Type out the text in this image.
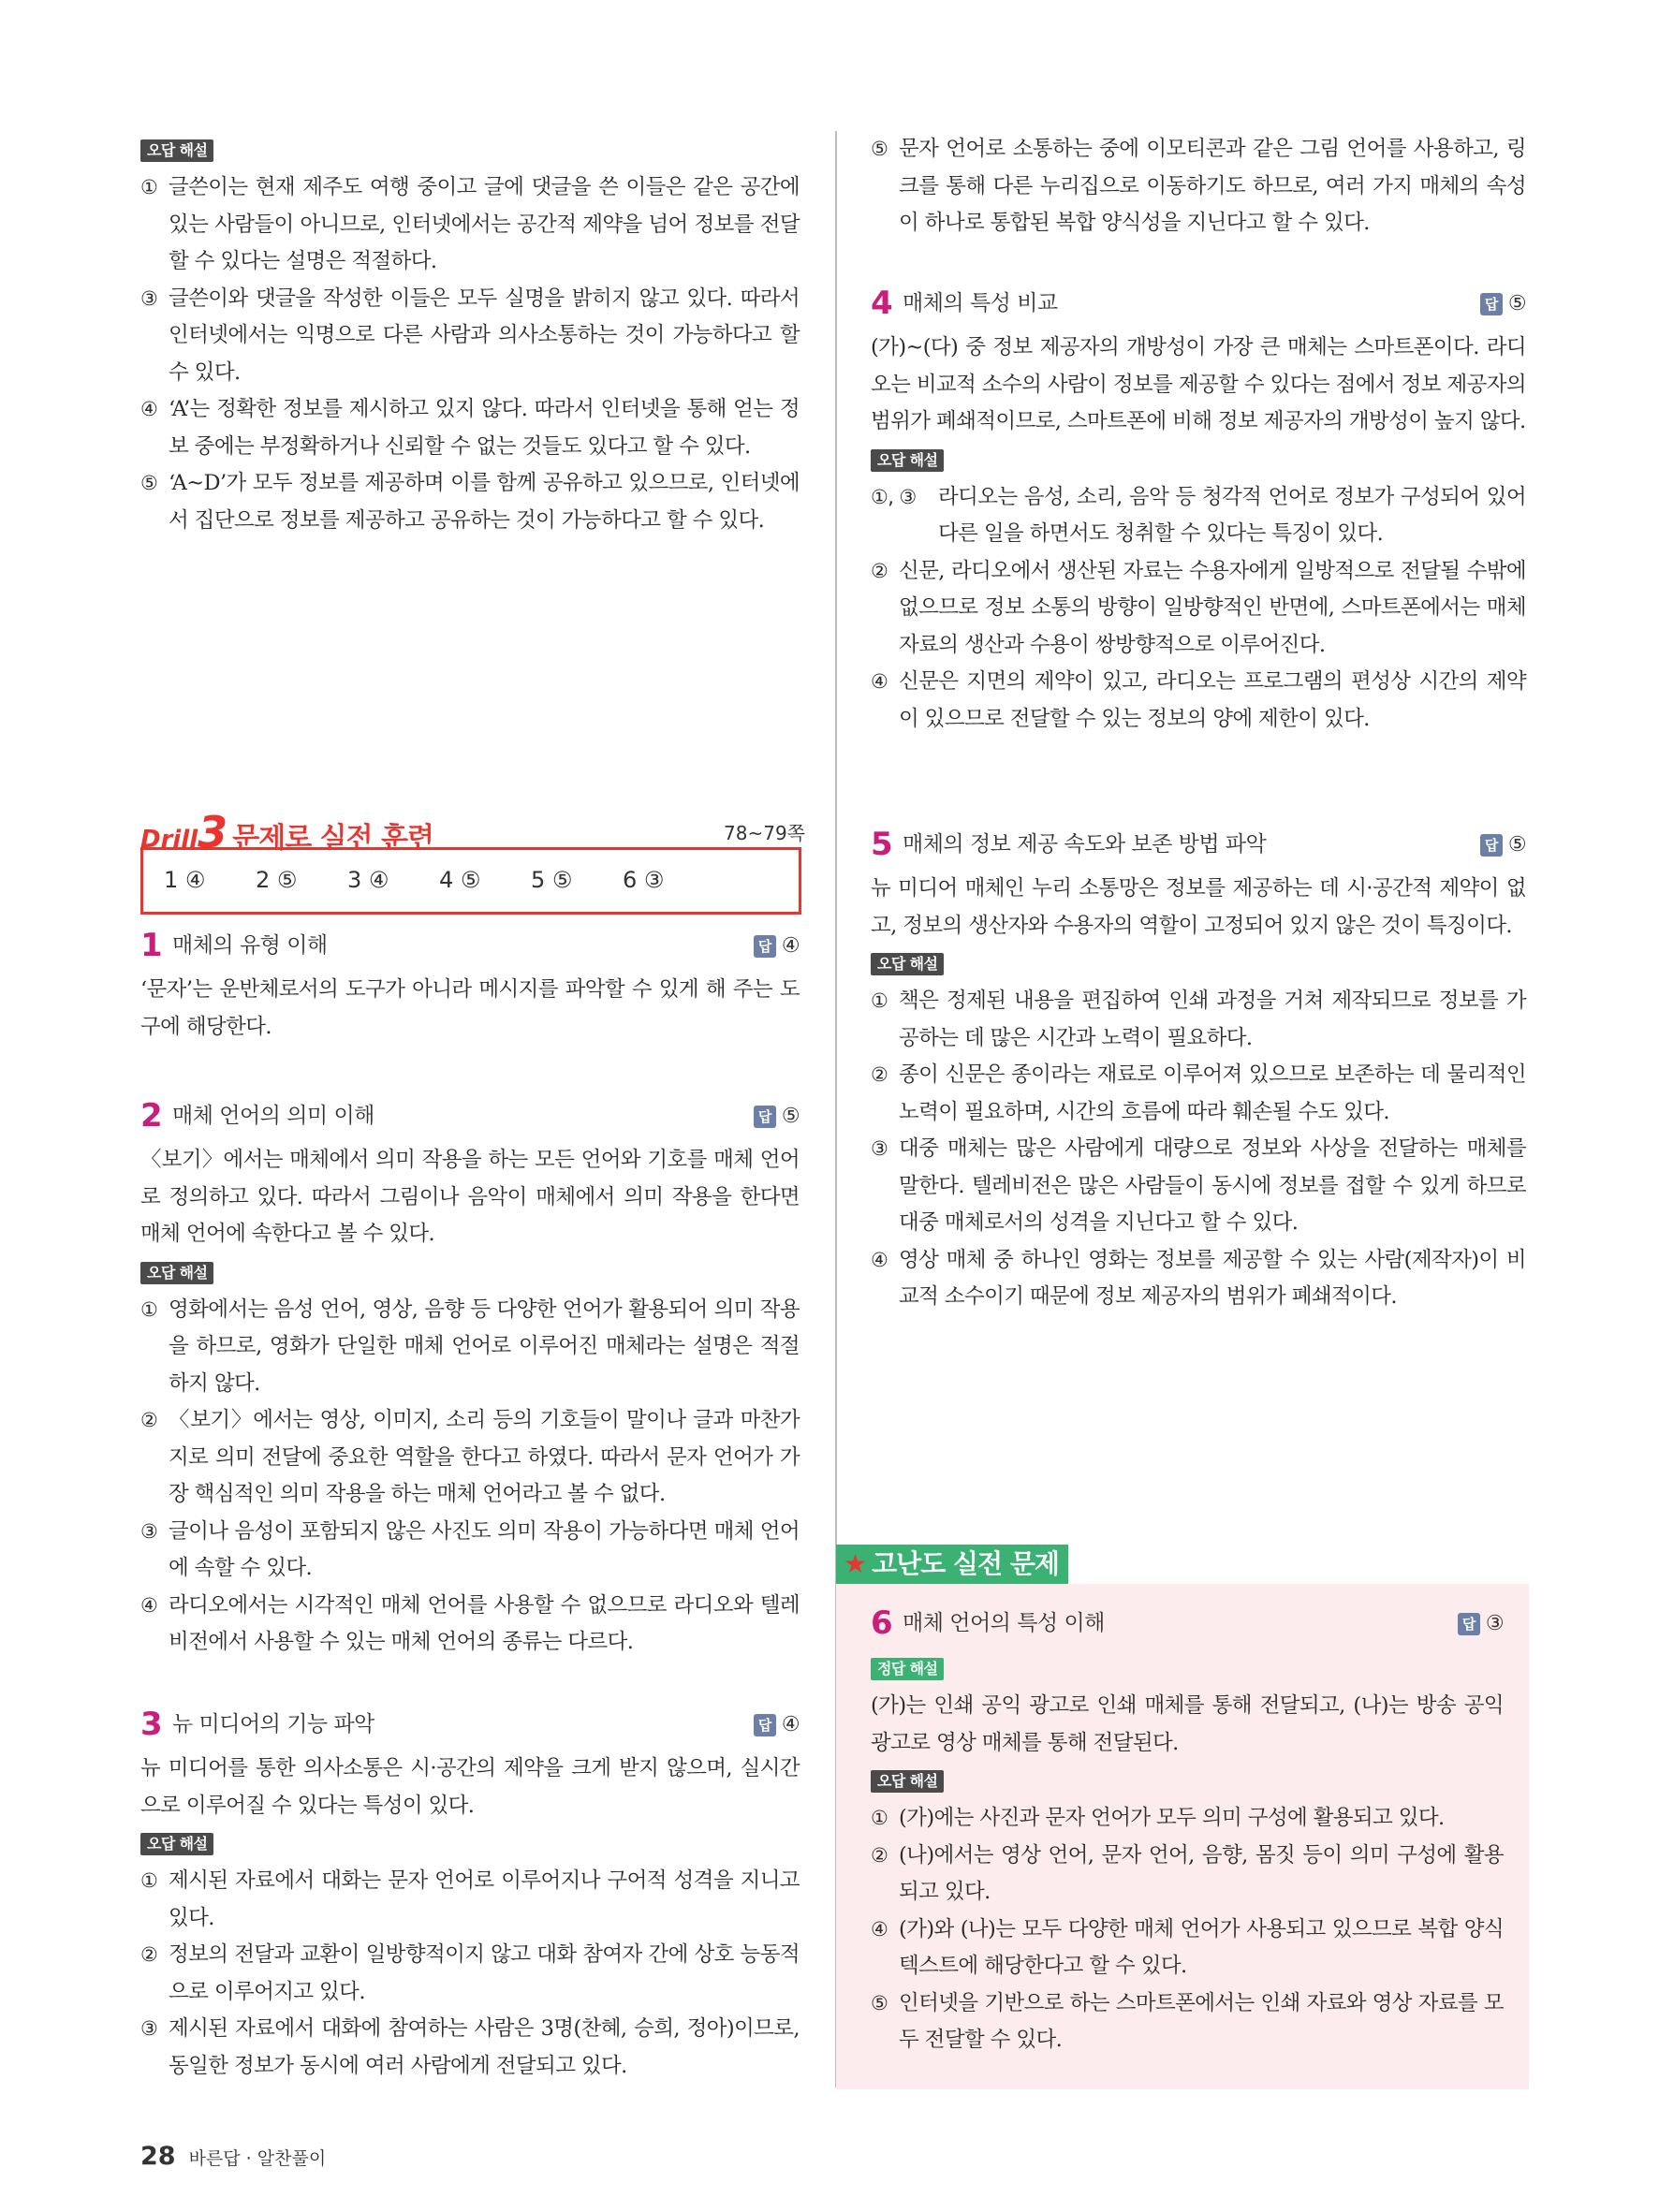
오답 해설
① 글쓴이는 현재 제주도 여행 중이고 글에 댓글을 쓴 이들은 같은 공간에 있는 사람들이 아니므로, 인터넷에서는 공간적 제약을 넘어 정보를 전달할 수 있다는 설명은 적절하다.
③ 글쓴이와 댓글을 작성한 이들은 모두 실명을 밝히지 않고 있다. 따라서 인터넷에서는 익명으로 다른 사람과 의사소통하는 것이 가능하다고 할 수 있다.
④ ‘A’는 정확한 정보를 제시하고 있지 않다. 따라서 인터넷을 통해 얻는 정보 중에는 부정확하거나 신뢰할 수 없는 것들도 있다고 할 수 있다.
⑤ ‘A~D’가 모두 정보를 제공하며 이를 함께 공유하고 있으므로, 인터넷에서 집단으로 정보를 제공하고 공유하는 것이 가능하다고 할 수 있다.
Drill3 문제로 실전 훈련	78~79쪽
1 ④	2 ⑤	3 ④	4 ⑤	5 ⑤	6 ③
1 매체의 유형 이해	답 ④

‘문자’는 운반체로서의 도구가 아니라 메시지를 파악할 수 있게 해 주는 도구에 해당한다.

2 매체 언어의 의미 이해	답 ⑤

〈보기〉에서는 매체에서 의미 작용을 하는 모든 언어와 기호를 매체 언어로 정의하고 있다. 따라서 그림이나 음악이 매체에서 의미 작용을 한다면 매체 언어에 속한다고 볼 수 있다.

오답 해설
① 영화에서는 음성 언어, 영상, 음향 등 다양한 언어가 활용되어 의미 작용을 하므로, 영화가 단일한 매체 언어로 이루어진 매체라는 설명은 적절하지 않다.
② 〈보기〉에서는 영상, 이미지, 소리 등의 기호들이 말이나 글과 마찬가지로 의미 전달에 중요한 역할을 한다고 하였다. 따라서 문자 언어가 가장 핵심적인 의미 작용을 하는 매체 언어라고 볼 수 없다.
③ 글이나 음성이 포함되지 않은 사진도 의미 작용이 가능하다면 매체 언어에 속할 수 있다.
④ 라디오에서는 시각적인 매체 언어를 사용할 수 없으므로 라디오와 텔레비전에서 사용할 수 있는 매체 언어의 종류는 다르다.
3 뉴 미디어의 기능 파악	답 ④

뉴 미디어를 통한 의사소통은 시·공간의 제약을 크게 받지 않으며, 실시간으로 이루어질 수 있다는 특성이 있다.

오답 해설
① 제시된 자료에서 대화는 문자 언어로 이루어지나 구어적 성격을 지니고 있다.
② 정보의 전달과 교환이 일방향적이지 않고 대화 참여자 간에 상호 능동적으로 이루어지고 있다.
③ 제시된 자료에서 대화에 참여하는 사람은 3명(찬혜, 승희, 정아)이므로, 동일한 정보가 동시에 여러 사람에게 전달되고 있다.
⑤ 문자 언어로 소통하는 중에 이모티콘과 같은 그림 언어를 사용하고, 링크를 통해 다른 누리집으로 이동하기도 하므로, 여러 가지 매체의 속성이 하나로 통합된 복합 양식성을 지닌다고 할 수 있다.
4 매체의 특성 비교	답 ⑤

(가)~(다) 중 정보 제공자의 개방성이 가장 큰 매체는 스마트폰이다. 라디오는 비교적 소수의 사람이 정보를 제공할 수 있다는 점에서 정보 제공자의 범위가 폐쇄적이므로, 스마트폰에 비해 정보 제공자의 개방성이 높지 않다.

오답 해설
①, ③	라디오는 음성, 소리, 음악 등 청각적 언어로 정보가 구성되어 있어 다른 일을 하면서도 청취할 수 있다는 특징이 있다.
② 신문, 라디오에서 생산된 자료는 수용자에게 일방적으로 전달될 수밖에 없으므로 정보 소통의 방향이 일방향적인 반면에, 스마트폰에서는 매체 자료의 생산과 수용이 쌍방향적으로 이루어진다.
④ 신문은 지면의 제약이 있고, 라디오는 프로그램의 편성상 시간의 제약이 있으므로 전달할 수 있는 정보의 양에 제한이 있다.
5 매체의 정보 제공 속도와 보존 방법 파악	답 ⑤

뉴 미디어 매체인 누리 소통망은 정보를 제공하는 데 시·공간적 제약이 없고, 정보의 생산자와 수용자의 역할이 고정되어 있지 않은 것이 특징이다.

오답 해설
① 책은 정제된 내용을 편집하여 인쇄 과정을 거쳐 제작되므로 정보를 가공하는 데 많은 시간과 노력이 필요하다.
② 종이 신문은 종이라는 재료로 이루어져 있으므로 보존하는 데 물리적인 노력이 필요하며, 시간의 흐름에 따라 훼손될 수도 있다.
③ 대중 매체는 많은 사람에게 대량으로 정보와 사상을 전달하는 매체를 말한다. 텔레비전은 많은 사람들이 동시에 정보를 접할 수 있게 하므로 대중 매체로서의 성격을 지닌다고 할 수 있다.
④ 영상 매체 중 하나인 영화는 정보를 제공할 수 있는 사람(제작자)이 비교적 소수이기 때문에 정보 제공자의 범위가 폐쇄적이다.
★ 고난도 실전 문제
6 매체 언어의 특성 이해	답 ③
정답 해설

(가)는 인쇄 공익 광고로 인쇄 매체를 통해 전달되고, (나)는 방송 공익 광고로 영상 매체를 통해 전달된다.

오답 해설
① (가)에는 사진과 문자 언어가 모두 의미 구성에 활용되고 있다.
② (나)에서는 영상 언어, 문자 언어, 음향, 몸짓 등이 의미 구성에 활용되고 있다.
④ (가)와 (나)는 모두 다양한 매체 언어가 사용되고 있으므로 복합 양식 텍스트에 해당한다고 할 수 있다.
⑤ 인터넷을 기반으로 하는 스마트폰에서는 인쇄 자료와 영상 자료를 모두 전달할 수 있다.
28 바른답 · 알찬풀이
